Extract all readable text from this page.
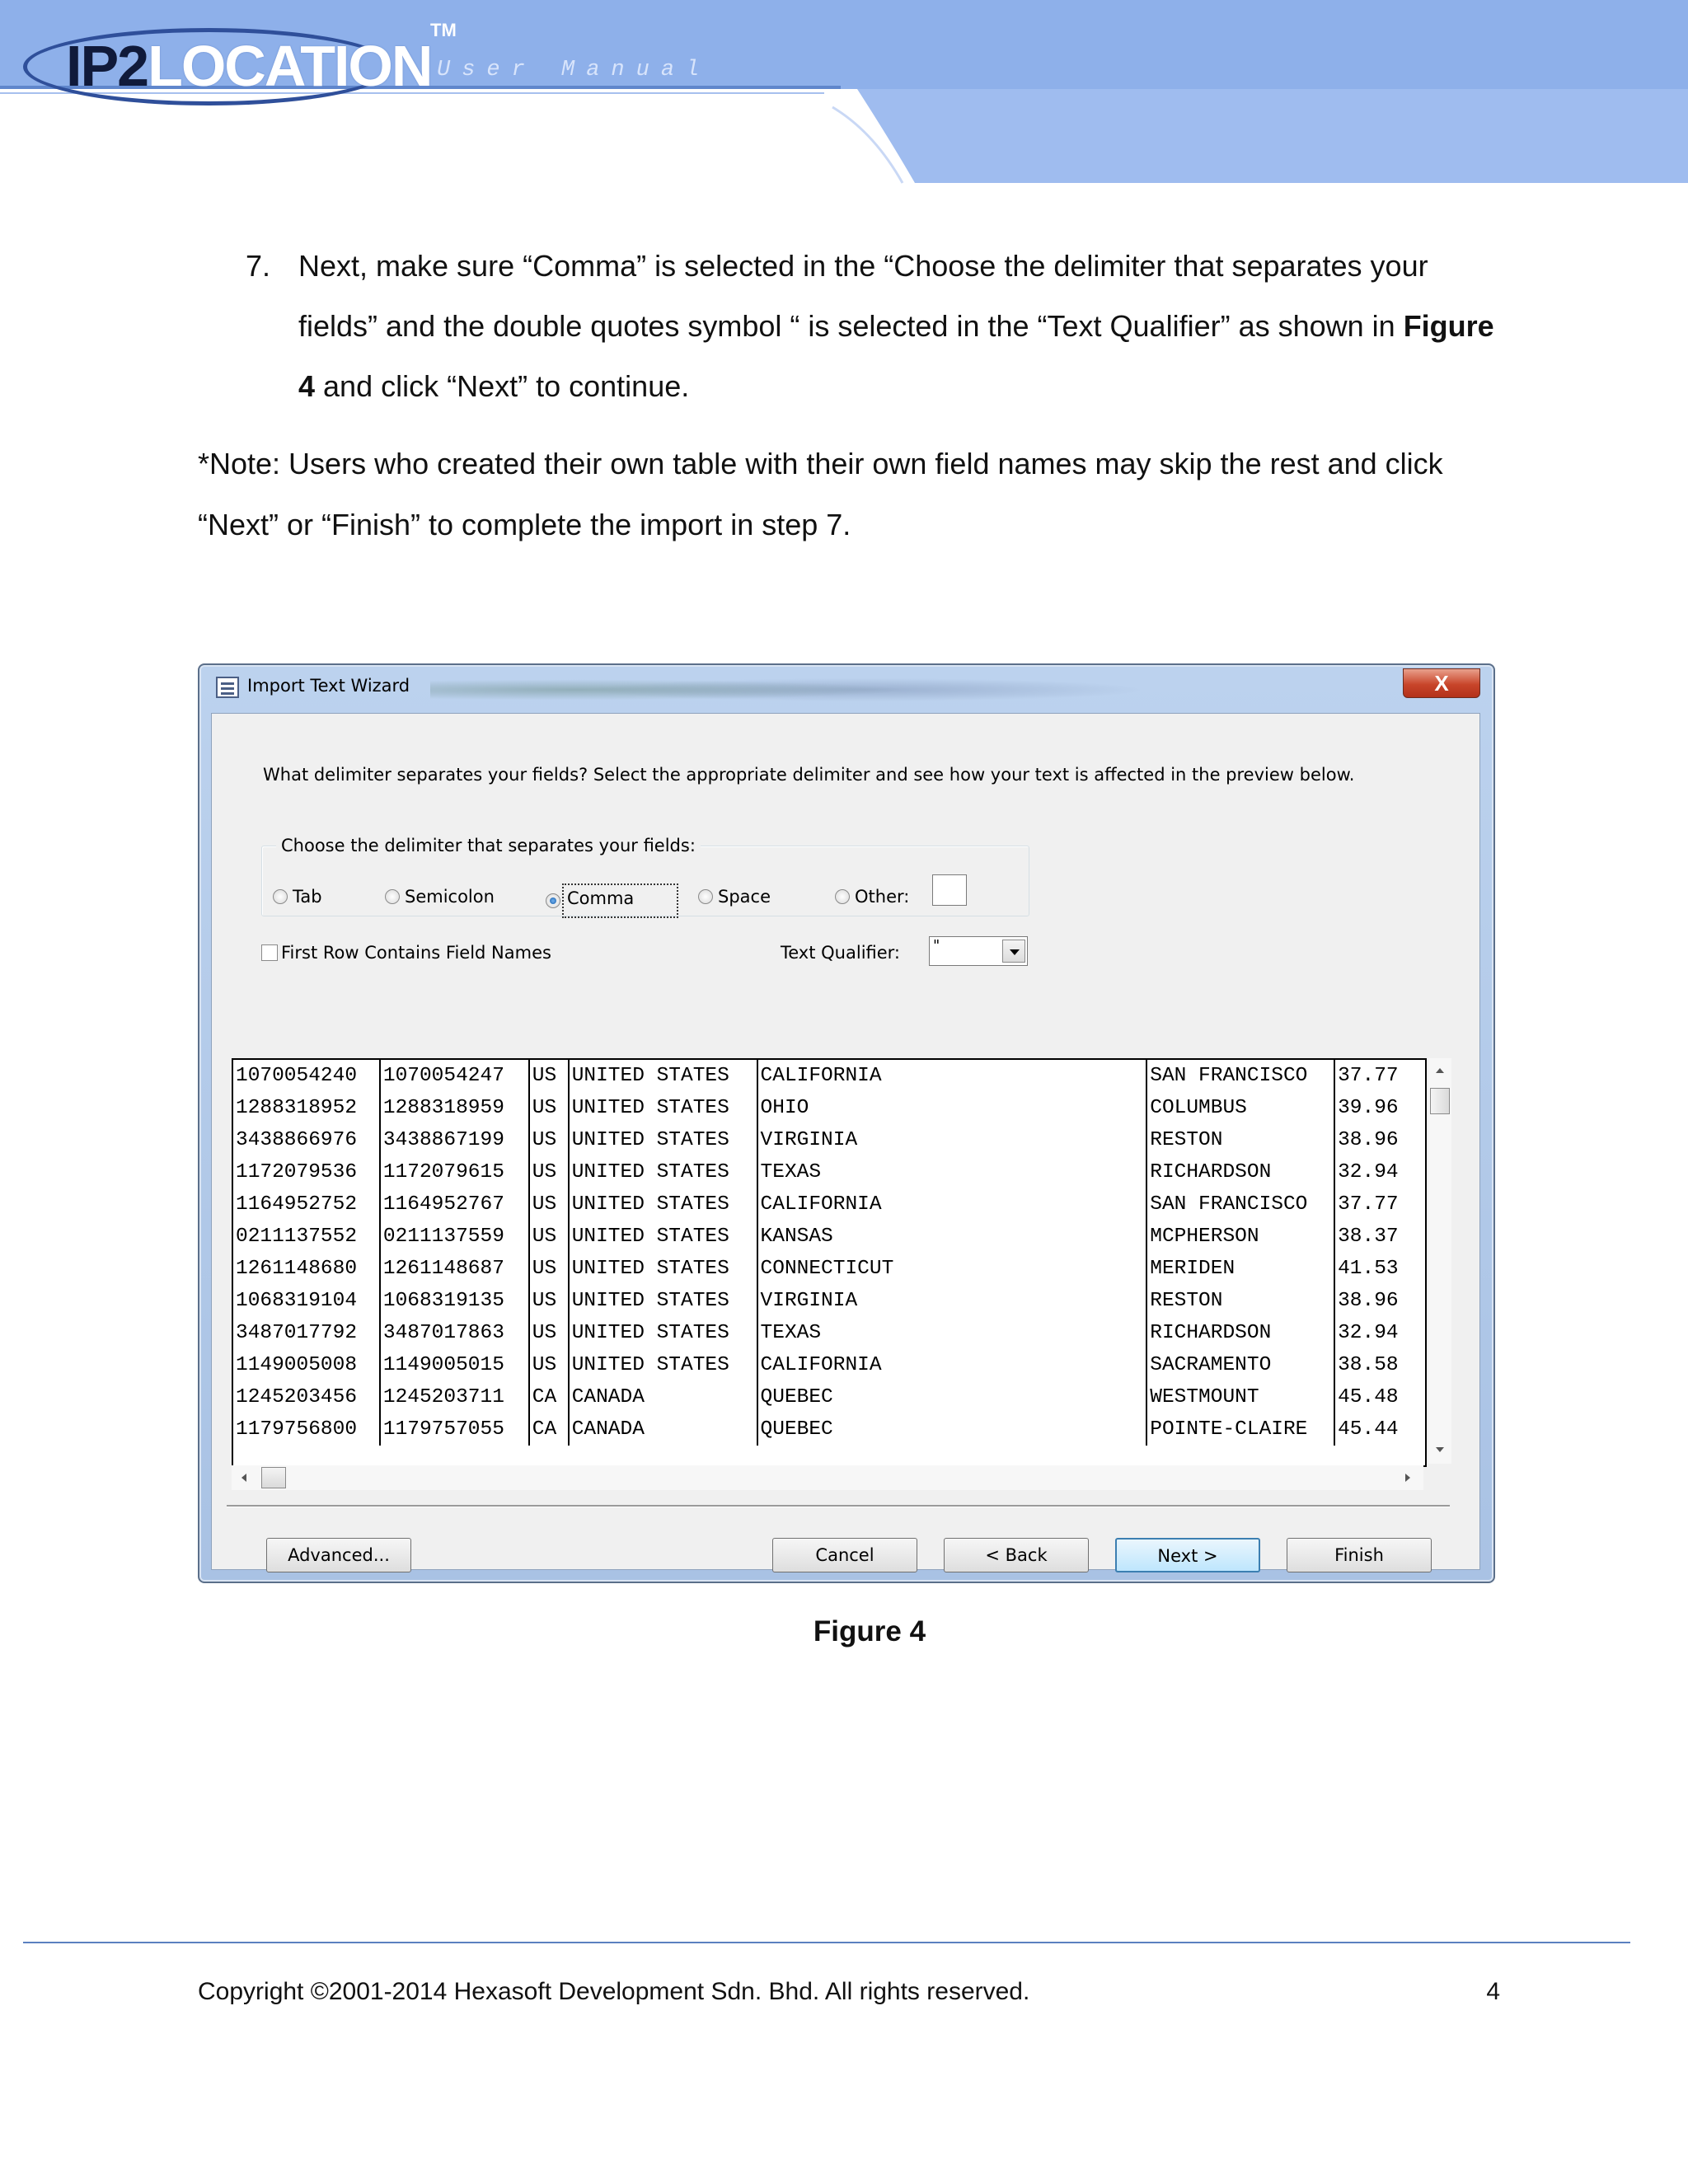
IP2LOCATION
TM
User Manual
7. Next, make sure “Comma” is selected in the “Choose the delimiter that separates your fields” and the double quotes symbol “ is selected in the “Text Qualifier” as shown in Figure 4 and click “Next” to continue.
*Note: Users who created their own table with their own field names may skip the rest and click “Next” or “Finish” to complete the import in step 7.
Import Text Wizard	X
What delimiter separates your fields? Select the appropriate delimiter and see how your text is affected in the preview below.
Choose the delimiter that separates your fields:
Tab	Semicolon	Comma	Space	Other:
First Row Contains Field Names	Text Qualifier: "
1070054240	1070054247	US	UNITED STATES	CALIFORNIA	SAN FRANCISCO	37.77
1288318952	1288318959	US	UNITED STATES	OHIO	COLUMBUS	39.96
3438866976	3438867199	US	UNITED STATES	VIRGINIA	RESTON	38.96
1172079536	1172079615	US	UNITED STATES	TEXAS	RICHARDSON	32.94
1164952752	1164952767	US	UNITED STATES	CALIFORNIA	SAN FRANCISCO	37.77
0211137552	0211137559	US	UNITED STATES	KANSAS	MCPHERSON	38.37
1261148680	1261148687	US	UNITED STATES	CONNECTICUT	MERIDEN	41.53
1068319104	1068319135	US	UNITED STATES	VIRGINIA	RESTON	38.96
3487017792	3487017863	US	UNITED STATES	TEXAS	RICHARDSON	32.94
1149005008	1149005015	US	UNITED STATES	CALIFORNIA	SACRAMENTO	38.58
1245203456	1245203711	CA	CANADA	QUEBEC	WESTMOUNT	45.48
1179756800	1179757055	CA	CANADA	QUEBEC	POINTE-CLAIRE	45.44
Advanced...	Cancel	< Back	Next >	Finish
Figure 4
Copyright ©2001-2014 Hexasoft Development Sdn. Bhd. All rights reserved.	4
